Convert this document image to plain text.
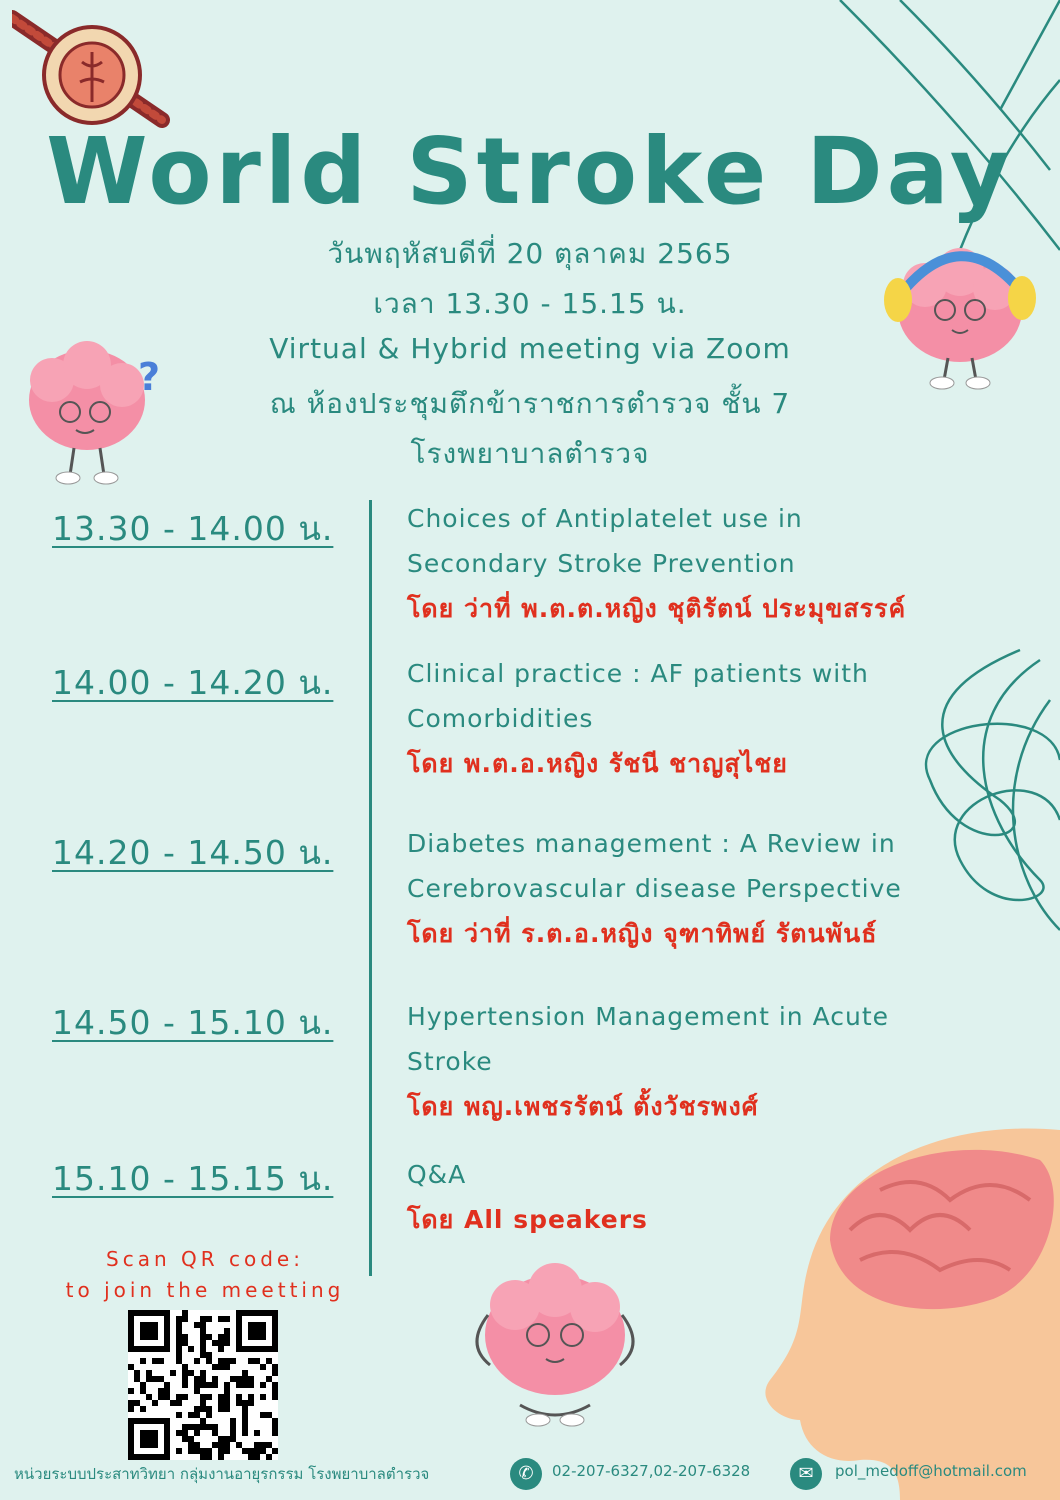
World Stroke Day
วันพฤหัสบดีที่ 20 ตุลาคม 2565
เวลา 13.30 - 15.15 น.
Virtual & Hybrid meeting via Zoom
ณ ห้องประชุมตึกข้าราชการตำรวจ ชั้น 7
โรงพยาบาลตำรวจ
?
13.30 - 14.00 น.	Choices of Antiplatelet use in
Secondary Stroke Prevention
โดย ว่าที่ พ.ต.ต.หญิง ชุติรัตน์ ประมุขสรรค์
14.00 - 14.20 น.	Clinical practice : AF patients with
Comorbidities
โดย พ.ต.อ.หญิง รัชนี ชาญสุไชย
14.20 - 14.50 น.	Diabetes management : A Review in
Cerebrovascular disease Perspective
โดย ว่าที่ ร.ต.อ.หญิง จุฑาทิพย์ รัตนพันธ์
14.50 - 15.10 น.	Hypertension Management in Acute
Stroke
โดย พญ.เพชรรัตน์ ตั้งวัชรพงศ์
15.10 - 15.15 น.	Q&A
โดย All speakers
Scan QR code:
to join the meetting
หน่วยระบบประสาทวิทยา กลุ่มงานอายุรกรรม โรงพยาบาลตำรวจ	✆	02-207-6327,02-207-6328	✉	pol_medoff@hotmail.com
